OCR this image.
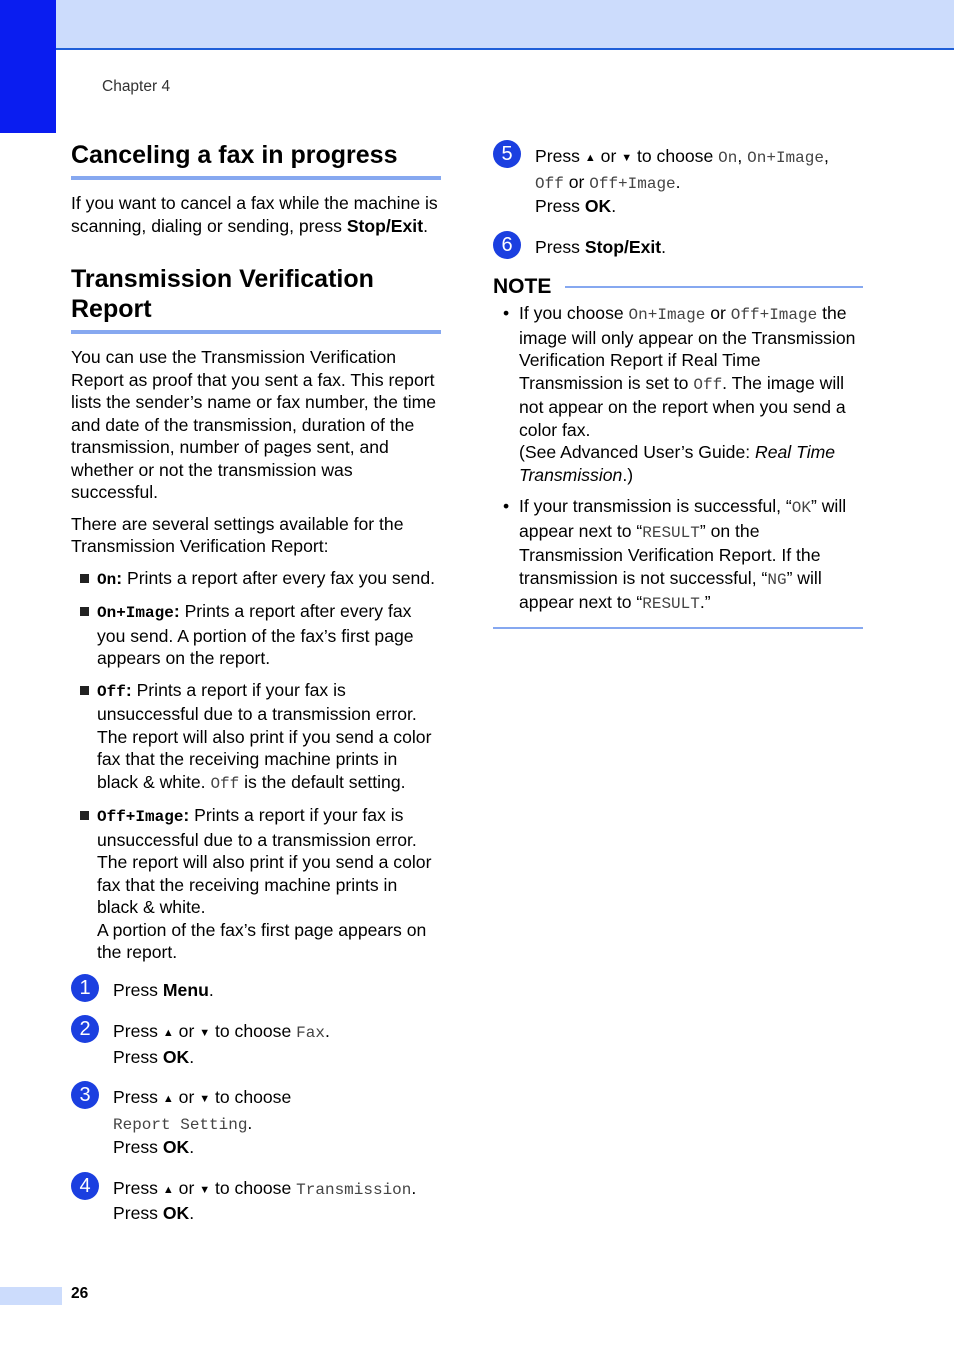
Chapter 4
Canceling a fax in progress

If you want to cancel a fax while the machine is scanning, dialing or sending, press Stop/Exit.

Transmission Verification Report

You can use the Transmission Verification Report as proof that you sent a fax. This report lists the sender’s name or fax number, the time and date of the transmission, duration of the transmission, number of pages sent, and whether or not the transmission was successful.

There are several settings available for the Transmission Verification Report:

On: Prints a report after every fax you send.
On+Image: Prints a report after every fax you send. A portion of the fax’s first page appears on the report.
Off: Prints a report if your fax is unsuccessful due to a transmission error. The report will also print if you send a color fax that the receiving machine prints in black & white. Off is the default setting.
Off+Image: Prints a report if your fax is unsuccessful due to a transmission error. The report will also print if you send a color fax that the receiving machine prints in black & white.
A portion of the fax’s first page appears on the report.
1	Press Menu.
2	Press ▲ or ▼ to choose Fax.
Press OK.
3	Press ▲ or ▼ to choose
Report Setting.
Press OK.
4	Press ▲ or ▼ to choose Transmission.
Press OK.
5	Press ▲ or ▼ to choose On, On+Image,
Off or Off+Image.
Press OK.
6	Press Stop/Exit.
NOTE
• If you choose On+Image or Off+Image the image will only appear on the Transmission Verification Report if Real Time Transmission is set to Off. The image will not appear on the report when you send a color fax.
(See Advanced User’s Guide: Real Time Transmission.)
• If your transmission is successful, “OK” will appear next to “RESULT” on the Transmission Verification Report. If the transmission is not successful, “NG” will appear next to “RESULT.”
26
